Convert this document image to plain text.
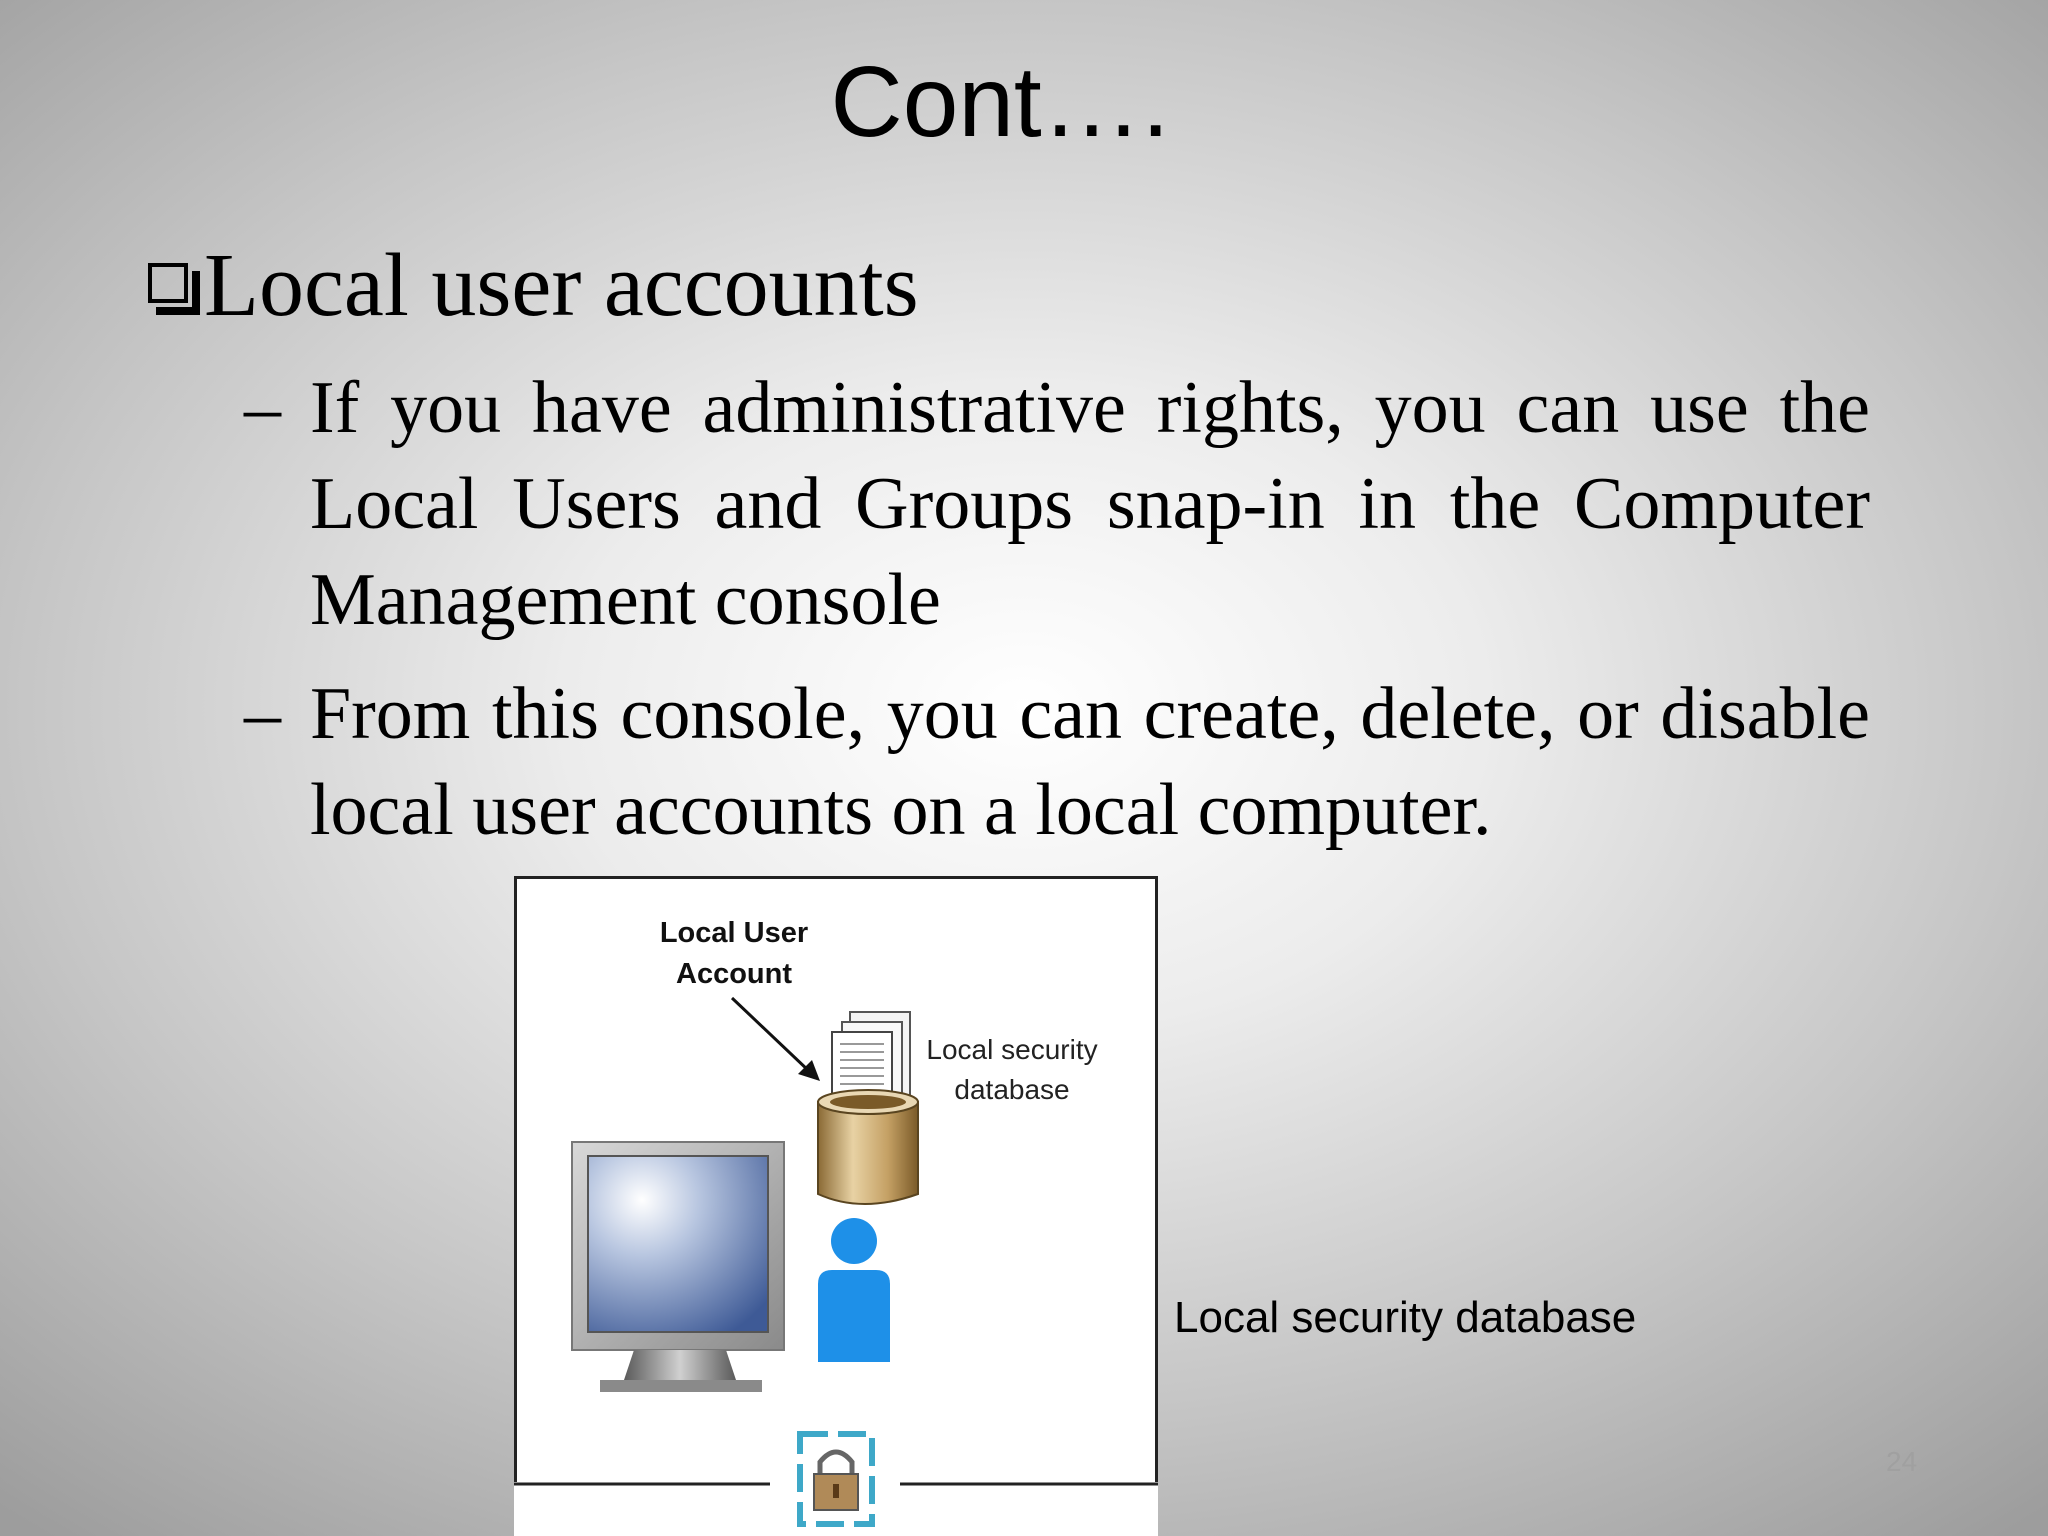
Cont….
Local user accounts
– If you have administrative rights, you can use the Local Users and Groups snap-in in the Computer Management console
– From this console, you can create, delete, or disable local user accounts on a local computer.
Local User
Account
Local security
database
Local security database
24
